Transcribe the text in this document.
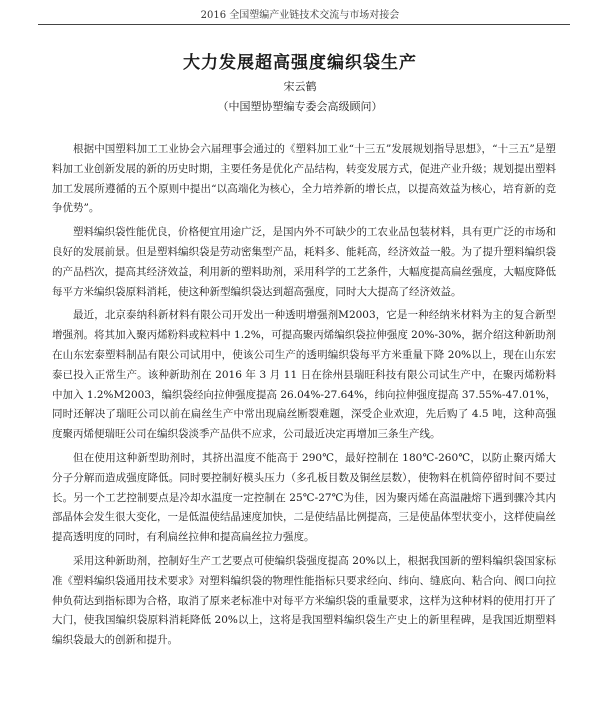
2016 全国塑编产业链技术交流与市场对接会
大力发展超高强度编织袋生产
宋云鹤
（中国塑协塑编专委会高级顾问）

根据中国塑料加工工业协会六届理事会通过的《塑料加工业“十三五”发展规划指导思想》，“十三五”是塑料加工业创新发展的新的历史时期，主要任务是优化产品结构，转变发展方式，促进产业升级；规划提出塑料加工发展所遵循的五个原则中提出“以高端化为核心，全力培养新的增长点，以提高效益为核心，培育新的竞争优势”。

塑料编织袋性能优良，价格便宜用途广泛，是国内外不可缺少的工农业品包装材料，具有更广泛的市场和良好的发展前景。但是塑料编织袋是劳动密集型产品，耗料多、能耗高，经济效益一般。为了提升塑料编织袋的产品档次，提高其经济效益，利用新的塑料助剂，采用科学的工艺条件，大幅度提高扁丝强度，大幅度降低每平方米编织袋原料消耗，使这种新型编织袋达到超高强度，同时大大提高了经济效益。

最近，北京泰纳科新材料有限公司开发出一种透明增强剂M2003，它是一种经纳米材料为主的复合新型增强剂。将其加入聚丙烯粉料或粒料中 1.2%，可提高聚丙烯编织袋拉伸强度 20%-30%，据介绍这种新助剂在山东宏泰塑料制品有限公司试用中，使该公司生产的透明编织袋每平方米重量下降 20%以上，现在山东宏泰已投入正常生产。该种新助剂在 2016 年 3 月 11 日在徐州县瑞旺科技有限公司试生产中，在聚丙烯粉料中加入 1.2%M2003，编织袋经向拉伸强度提高 26.04%-27.64%，纬向拉伸强度提高 37.55%-47.01%，同时还解决了瑞旺公司以前在扁丝生产中常出现扁丝断裂难题，深受企业欢迎，先后购了 4.5 吨，这种高强度聚丙烯便瑞旺公司在编织袋淡季产品供不应求，公司最近决定再增加三条生产线。

但在使用这种新型助剂时，其挤出温度不能高于 290℃，最好控制在 180℃-260℃，以防止聚丙烯大分子分解而造成强度降低。同时要控制好模头压力（多孔板目数及铜丝层数），使物料在机筒停留时间不要过长。另一个工艺控制要点是冷却水温度一定控制在 25℃-27℃为佳，因为聚丙烯在高温融熔下遇到骤冷其内部晶体会发生很大变化，一是低温使结晶速度加快，二是使结晶比例提高，三是使晶体型状变小，这样使扁丝提高透明度的同时，有利扁丝拉伸和提高扁丝拉力强度。

采用这种新助剂，控制好生产工艺要点可使编织袋强度提高 20%以上，根据我国新的塑料编织袋国家标准《塑料编织袋通用技术要求》对塑料编织袋的物理性能指标只要求经向、纬向、缝底向、粘合向、阀口向拉伸负荷达到指标即为合格，取消了原来老标准中对每平方米编织袋的重量要求，这样为这种材料的使用打开了大门，使我国编织袋原料消耗降低 20%以上，这将是我国塑料编织袋生产史上的新里程碑，是我国近期塑料编织袋最大的创新和提升。
